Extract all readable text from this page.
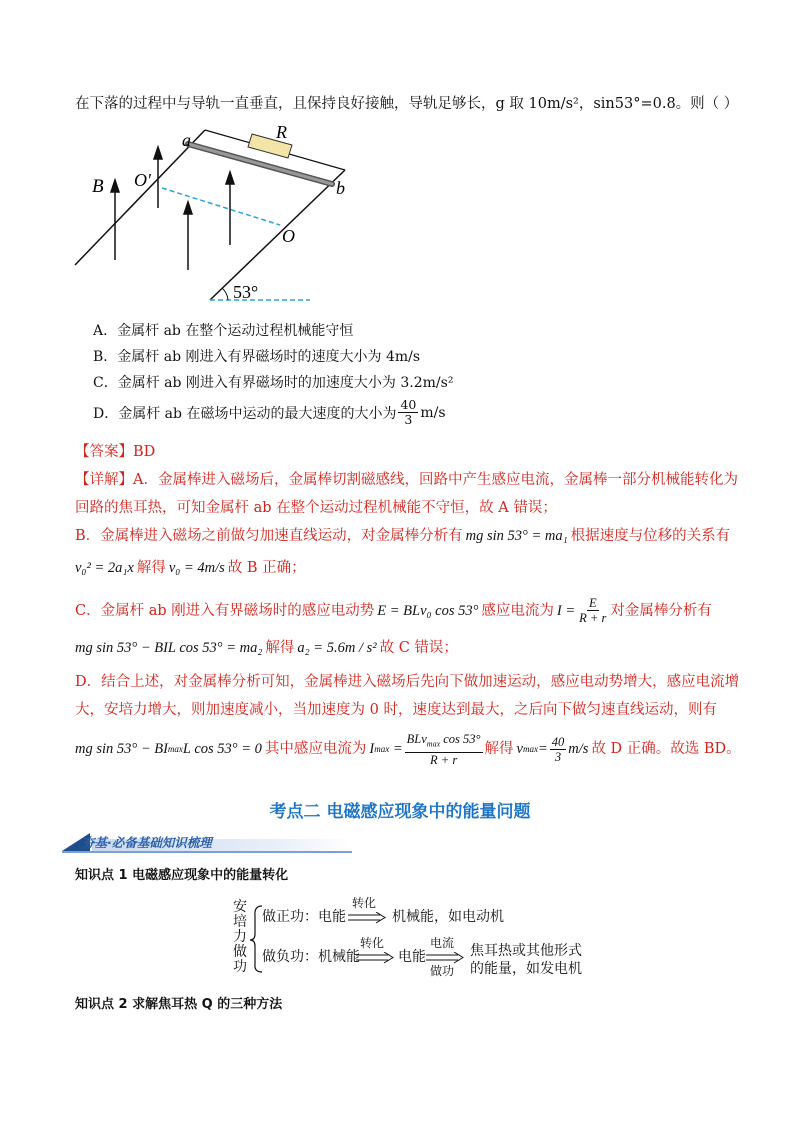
在下落的过程中与导轨一直垂直，且保持良好接触，导轨足够长，g 取 10m/s²，sin53°=0.8。则（ ）
a	R
b
B O′
O
53°
A．金属杆 ab 在整个运动过程机械能守恒
B．金属杆 ab 刚进入有界磁场时的速度大小为 4m/s
C．金属杆 ab 刚进入有界磁场时的加速度大小为 3.2m/s²
D． 金属杆 ab 在磁场中运动的最大速度的大小为 $\frac{40}{3} m/s$
【答案】BD
【详解】A．金属棒进入磁场后，金属棒切割磁感线，回路中产生感应电流，金属棒一部分机械能转化为
回路的焦耳热，可知金属杆 ab 在整个运动过程机械能不守恒，故 A 错误；
B．金属棒进入磁场之前做匀加速直线运动，对金属棒分析有 mg sin 53° = ma₁ 根据速度与位移的关系有
v₀² = 2a₁x 解得 v₀ = 4m/s 故 B 正确；
C．金属杆 ab 刚进入有界磁场时的感应电动势 E = BLv₀ cos 53° 感应电流为 $I = \frac{E}{R + r}$ 对金属棒分析有
mg sin 53° − BIL cos 53° = ma₂ 解得 a₂ = 5.6m / s² 故 C 错误；
D．结合上述，对金属棒分析可知，金属棒进入磁场后先向下做加速运动，感应电动势增大，感应电流增
大，安培力增大，则加速度减小，当加速度为 0 时，速度达到最大，之后向下做匀速直线运动，则有
mg sin 53° − BI max L cos 53° = 0 其中感应电流为 I $\max = \frac{BLv_{max} \cos 53^\circ}{R + r}$ 解得 v $\max = \frac{40}{3} m/s$ 故 D 正确。故选 BD。
考点二 电磁感应现象中的能量问题
夯基·必备基础知识梳理
知识点 1 电磁感应现象中的能量转化
安
培
力
做
功
做正功：电能
转化
机械能，如电动机
做负功：机械能
转化
电能
电流
做功
焦耳热或其他形式
的能量，如发电机
知识点 2 求解焦耳热 Q 的三种方法
